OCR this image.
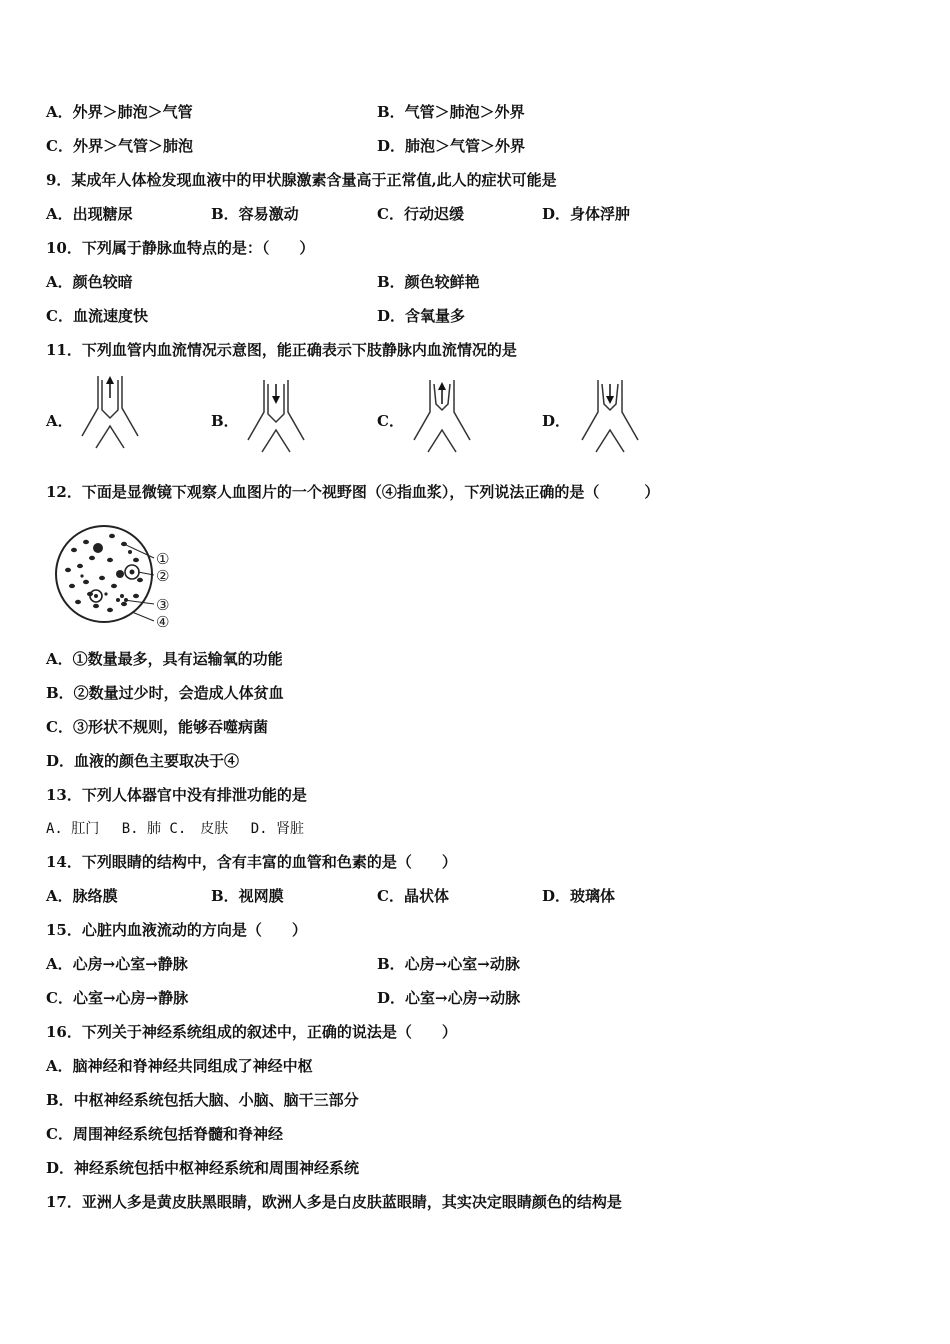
A．外界＞肺泡＞气管	B．气管＞肺泡＞外界
C．外界＞气管＞肺泡	D．肺泡＞气管＞外界
9．某成年人体检发现血液中的甲状腺激素含量高于正常值,此人的症状可能是
A．出现糖尿	B．容易激动	C．行动迟缓	D．身体浮肿
10．下列属于静脉血特点的是：（　　）
A．颜色较暗	B．颜色较鲜艳
C．血流速度快	D．含氧量多
11．下列血管内血流情况示意图，能正确表示下肢静脉内血流情况的是
A．	B．	C．	D．
12．下面是显微镜下观察人血图片的一个视野图（④指血浆），下列说法正确的是（　　　）
①
②
③
④
A．①数量最多，具有运输氧的功能
B．②数量过少时，会造成人体贫血
C．③形状不规则，能够吞噬病菌
D．血液的颜色主要取决于④
13．下列人体器官中没有排泄功能的是
A. 肛门　 B. 肺 C.　皮肤　 D. 肾脏
14．下列眼睛的结构中，含有丰富的血管和色素的是（　　）
A．脉络膜	B．视网膜	C．晶状体	D．玻璃体
15．心脏内血液流动的方向是（　　）
A．心房→心室→静脉	B．心房→心室→动脉
C．心室→心房→静脉	D．心室→心房→动脉
16．下列关于神经系统组成的叙述中，正确的说法是（　　）
A．脑神经和脊神经共同组成了神经中枢
B．中枢神经系统包括大脑、小脑、脑干三部分
C．周围神经系统包括脊髓和脊神经
D．神经系统包括中枢神经系统和周围神经系统
17．亚洲人多是黄皮肤黑眼睛，欧洲人多是白皮肤蓝眼睛，其实决定眼睛颜色的结构是
